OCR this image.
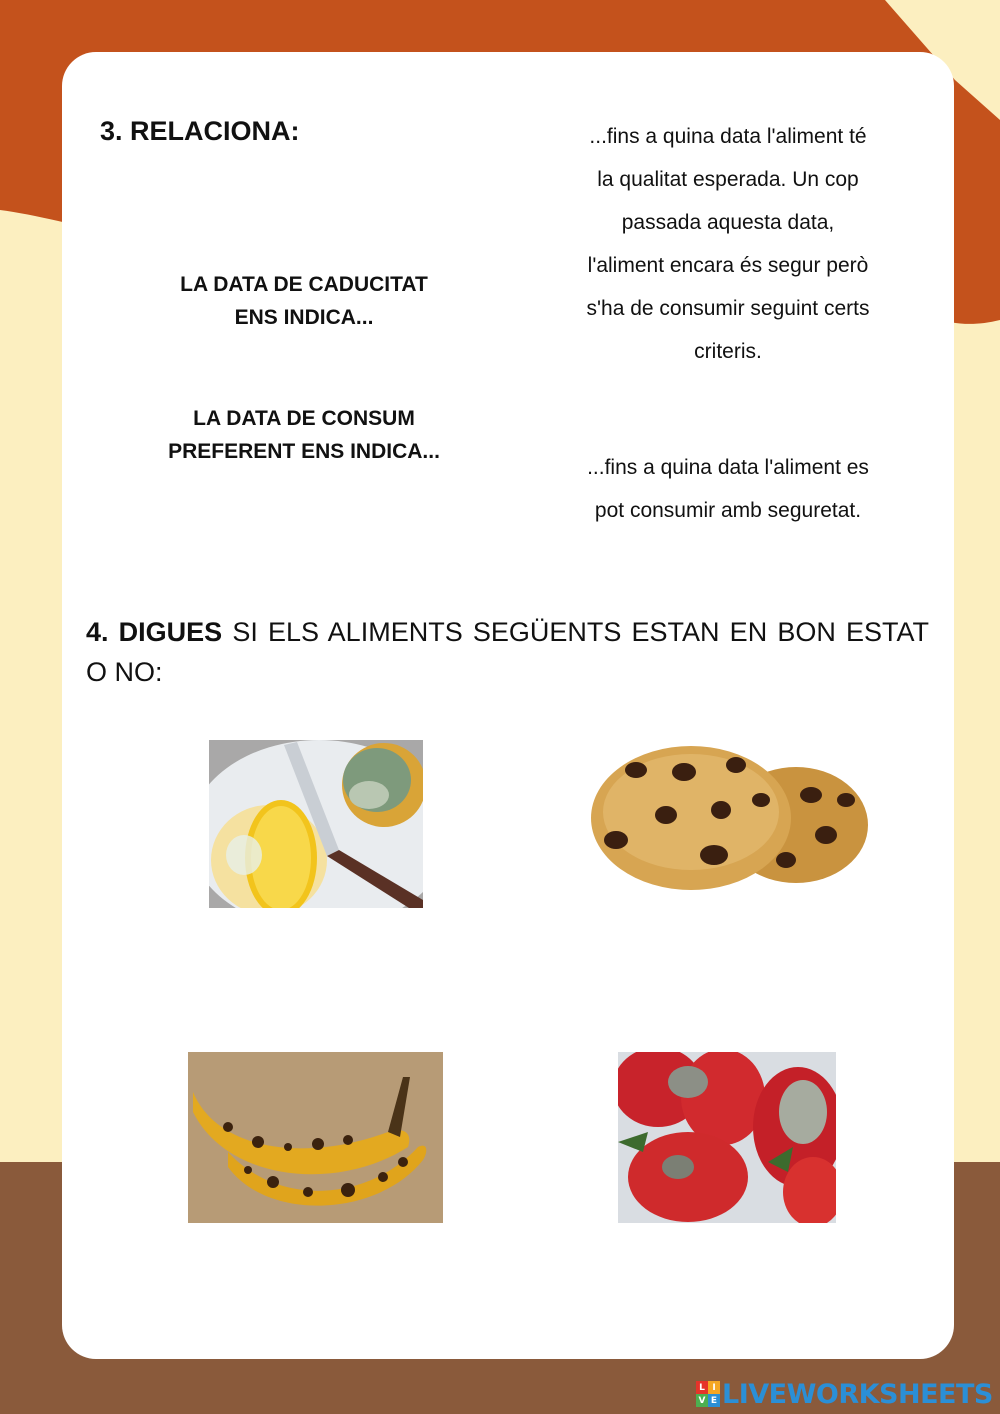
3. RELACIONA:
LA DATA DE CADUCITAT
ENS INDICA...
LA DATA DE CONSUM
PREFERENT ENS INDICA...
...fins a quina data l'aliment té
la qualitat esperada. Un cop
passada aquesta data,
l'aliment encara és segur però
s'ha de consumir seguint certs
criteris.
...fins a quina data l'aliment es
pot consumir amb seguretat.
4. DIGUES SI ELS ALIMENTS SEGÜENTS ESTAN EN BON ESTAT O NO:
L I
V E LIVEWORKSHEETS
